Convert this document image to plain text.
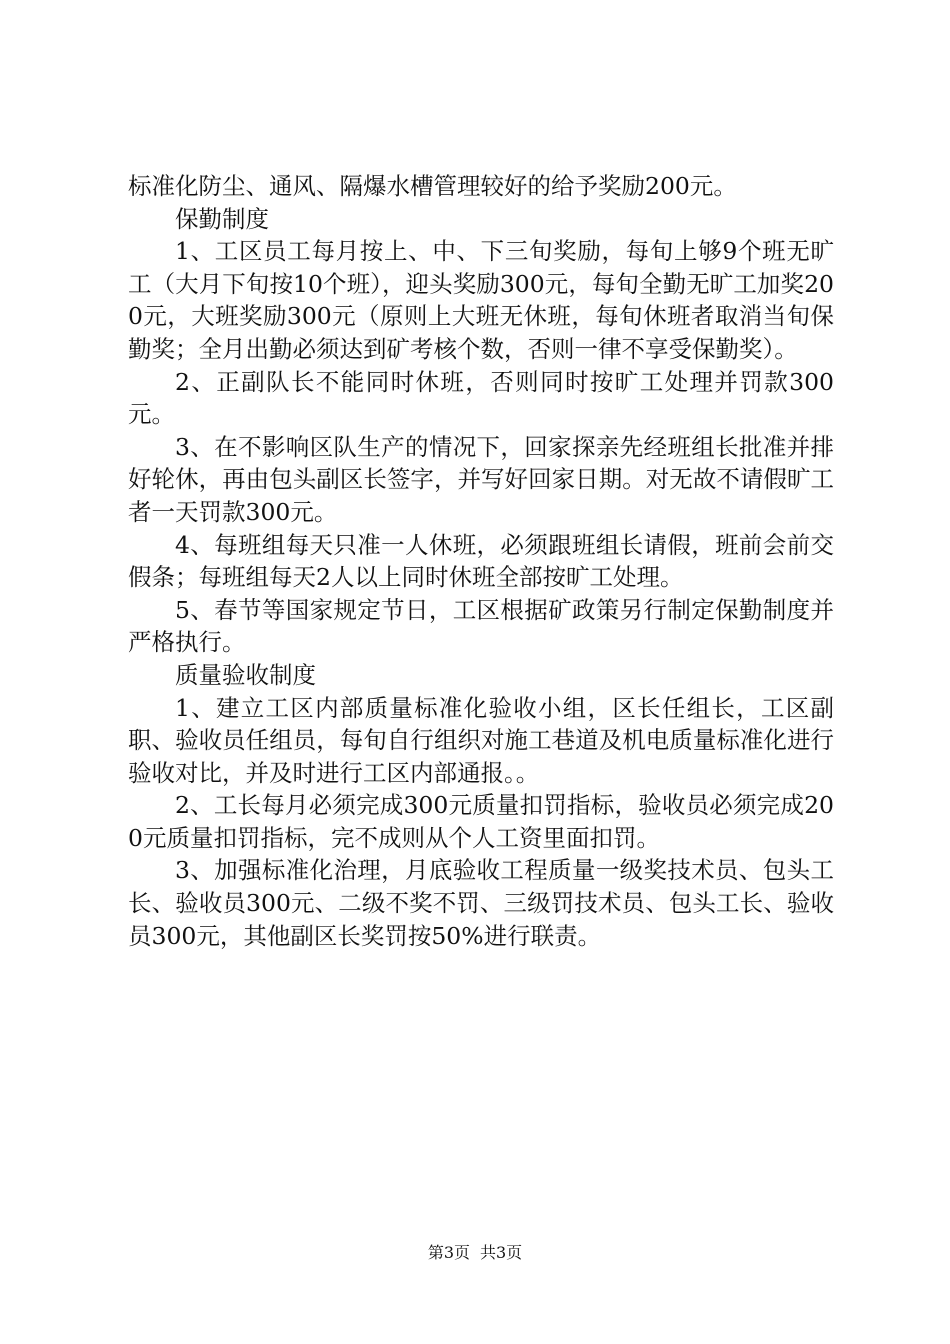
标准化防尘、通风、隔爆水槽管理较好的给予奖励200元。

保勤制度

1、工区员工每月按上、中、下三旬奖励，每旬上够9个班无旷工（大月下旬按10个班），迎头奖励300元，每旬全勤无旷工加奖200元，大班奖励300元（原则上大班无休班，每旬休班者取消当旬保勤奖；全月出勤必须达到矿考核个数，否则一律不享受保勤奖）。

2、正副队长不能同时休班，否则同时按旷工处理并罚款300元。

3、在不影响区队生产的情况下，回家探亲先经班组长批准并排好轮休，再由包头副区长签字，并写好回家日期。对无故不请假旷工者一天罚款300元。

4、每班组每天只准一人休班，必须跟班组长请假，班前会前交假条；每班组每天2人以上同时休班全部按旷工处理。

5、春节等国家规定节日，工区根据矿政策另行制定保勤制度并严格执行。

质量验收制度

1、建立工区内部质量标准化验收小组，区长任组长，工区副职、验收员任组员，每旬自行组织对施工巷道及机电质量标准化进行验收对比，并及时进行工区内部通报。。

2、工长每月必须完成300元质量扣罚指标，验收员必须完成200元质量扣罚指标，完不成则从个人工资里面扣罚。

3、加强标准化治理，月底验收工程质量一级奖技术员、包头工长、验收员300元、二级不奖不罚、三级罚技术员、包头工长、验收员300元，其他副区长奖罚按50%进行联责。

第3页 共3页
